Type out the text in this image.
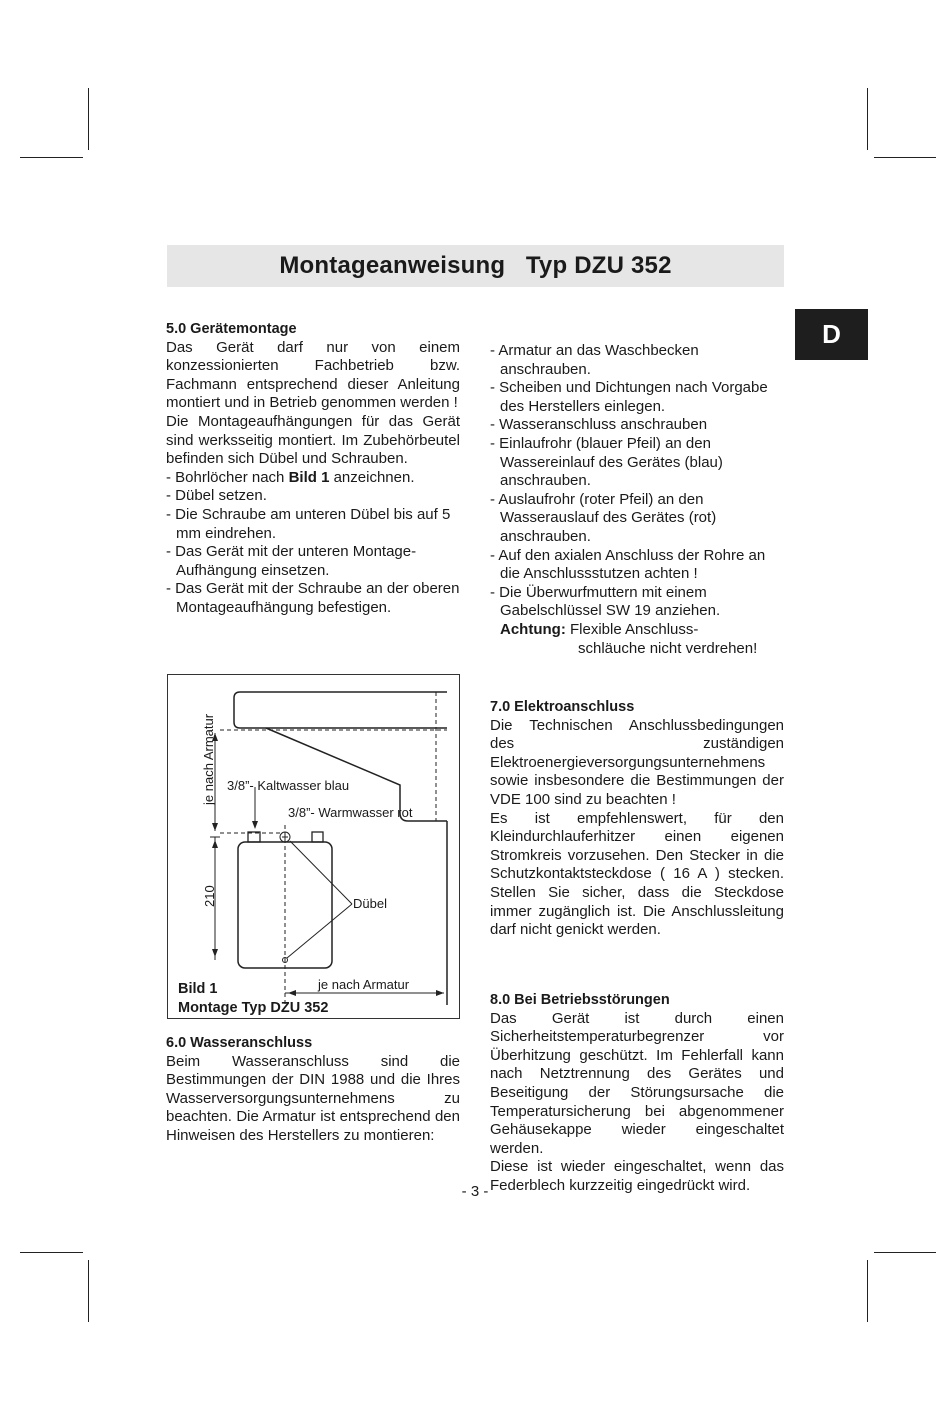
Montageanweisung   Typ DZU 352
D

5.0 Gerätemontage

Das Gerät darf nur von einem konzessionierten Fachbetrieb bzw. Fachmann entsprechend dieser Anleitung montiert und in Betrieb genommen werden !

Die Montageaufhängungen für das Gerät sind werksseitig montiert. Im Zubehörbeutel befinden sich Dübel und Schrauben.

- Bohrlöcher nach Bild 1 anzeichnen.

- Dübel setzen.

- Die Schraube am unteren Dübel bis auf 5 mm eindrehen.

- Das Gerät mit der unteren Montage-Aufhängung einsetzen.

- Das Gerät mit der Schraube an der oberen Montageaufhängung befestigen.

je nach Armatur 3/8”- Kaltwasser blau
3/8”- Warmwasser rot
210	Dübel
je nach Armatur
Bild 1
Montage Typ DZU 352

6.0 Wasseranschluss

Beim Wasseranschluss sind die Bestimmungen der DIN 1988 und die Ihres Wasserversorgungsunternehmens zu beachten. Die Armatur ist entsprechend den Hinweisen des Herstellers zu montieren:

- Armatur an das Waschbecken anschrauben.

- Scheiben und Dichtungen nach Vorgabe des Herstellers einlegen.

- Wasseranschluss anschrauben

- Einlaufrohr (blauer Pfeil) an den Wassereinlauf des Gerätes (blau) anschrauben.

- Auslaufrohr (roter Pfeil) an den Wasserauslauf des Gerätes (rot) anschrauben.

- Auf den axialen Anschluss der Rohre an die Anschlussstutzen achten !

- Die Überwurfmuttern mit einem Gabelschlüssel SW 19 anziehen.

Achtung: Flexible Anschluss-

schläuche nicht verdrehen!

7.0 Elektroanschluss

Die Technischen Anschlussbedingungen des zuständigen Elektroenergieversorgungsunternehmens sowie insbesondere die Bestimmungen der VDE 100 sind zu beachten !

Es ist empfehlenswert, für den Kleindurchlauferhitzer einen eigenen Stromkreis vorzusehen. Den Stecker in die Schutzkontaktsteckdose ( 16 A ) stecken. Stellen Sie sicher, dass die Steckdose immer zugänglich ist. Die Anschlussleitung darf nicht genickt werden.

8.0 Bei Betriebsstörungen

Das Gerät ist durch einen Sicherheitstemperaturbegrenzer vor Überhitzung geschützt. Im Fehlerfall kann nach Netztrennung des Gerätes und Beseitigung der Störungsursache die Temperatursicherung bei abgenommener Gehäusekappe wieder eingeschaltet werden.

Diese ist wieder eingeschaltet, wenn das Federblech kurzzeitig eingedrückt wird.

- 3 -
